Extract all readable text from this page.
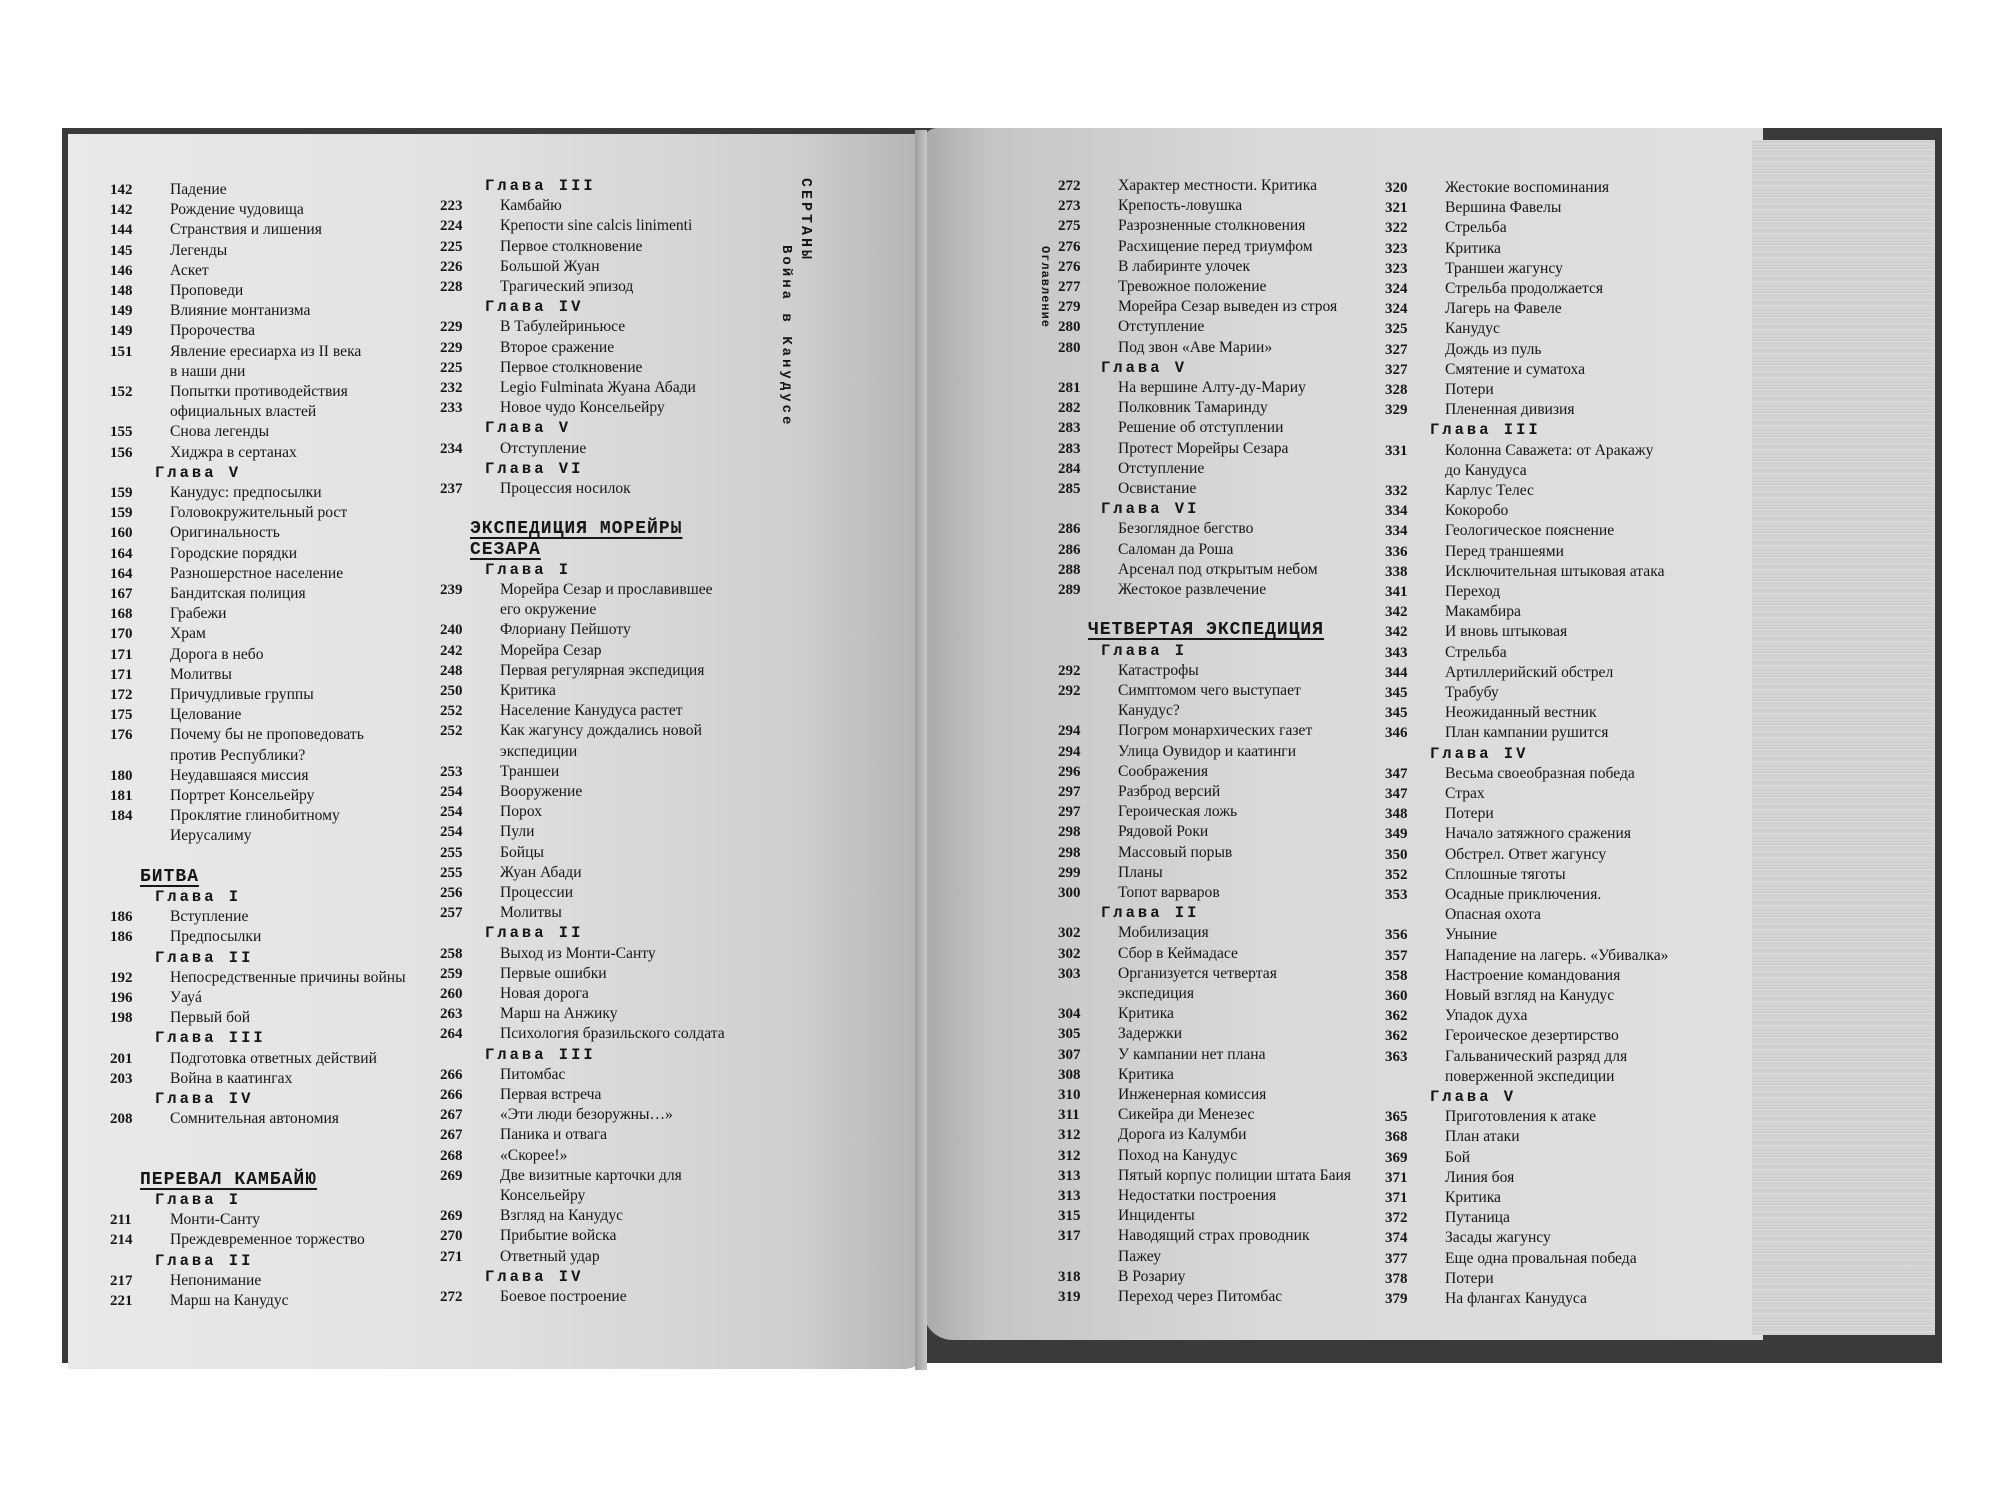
СЕРТАНЫ
Война в Канудусе	Оглавление
142 Падение
142 Рождение чудовища
144 Странствия и лишения
145 Легенды
146 Аскет
148 Проповеди
149 Влияние монтанизма
149 Пророчества
151 Явление ересиарха из II века
в наши дни
152 Попытки противодействия
официальных властей
155 Снова легенды
156 Хиджра в сертанах
Глава V
159 Канудус: предпосылки
159 Головокружительный рост
160 Оригинальность
164 Городские порядки
164 Разношерстное население
167 Бандитская полиция
168 Грабежи
170 Храм
171 Дорога в небо
171 Молитвы
172 Причудливые группы
175 Целование
176 Почему бы не проповедовать
против Республики?
180 Неудавшаяся миссия
181 Портрет Консельейру
184 Проклятие глинобитному
Иерусалиму
БИТВА
Глава I
186 Вступление
186 Предпосылки
Глава II
192 Непосредственные причины войны
196 Уауá
198 Первый бой
Глава III
201 Подготовка ответных действий
203 Война в каатингах
Глава IV
208 Сомнительная автономия
ПЕРЕВАЛ КАМБАЙЮ
Глава I
211 Монти-Санту
214 Преждевременное торжество
Глава II
217 Непонимание
221 Марш на Канудус
Глава III
223 Камбайю
224 Крепости sine calcis linimenti
225 Первое столкновение
226 Большой Жуан
228 Трагический эпизод
Глава IV
229 В Табулейриньюсе
229 Второе сражение
225 Первое столкновение
232 Legio Fulminata Жуана Абади
233 Новое чудо Консельейру
Глава V
234 Отступление
Глава VI
237 Процессия носилок
ЭКСПЕДИЦИЯ МОРЕЙРЫ
СЕЗАРА
Глава I
239 Морейра Сезар и прославившее
его окружение
240 Флориану Пейшоту
242 Морейра Сезар
248 Первая регулярная экспедиция
250 Критика
252 Население Канудуса растет
252 Как жагунсу дождались новой
экспедиции
253 Траншеи
254 Вооружение
254 Порох
254 Пули
255 Бойцы
255 Жуан Абади
256 Процессии
257 Молитвы
Глава II
258 Выход из Монти-Санту
259 Первые ошибки
260 Новая дорога
263 Марш на Анжику
264 Психология бразильского солдата
Глава III
266 Питомбас
266 Первая встреча
267 «Эти люди безоружны…»
267 Паника и отвага
268 «Скорее!»
269 Две визитные карточки для
Консельейру
269 Взгляд на Канудус
270 Прибытие войска
271 Ответный удар
Глава IV
272 Боевое построение
272 Характер местности. Критика
273 Крепость-ловушка
275 Разрозненные столкновения
276 Расхищение перед триумфом
276 В лабиринте улочек
277 Тревожное положение
279 Морейра Сезар выведен из строя
280 Отступление
280 Под звон «Аве Марии»
Глава V
281 На вершине Алту-ду-Мариу
282 Полковник Тамаринду
283 Решение об отступлении
283 Протест Морейры Сезара
284 Отступление
285 Освистание
Глава VI
286 Безоглядное бегство
286 Саломан да Роша
288 Арсенал под открытым небом
289 Жестокое развлечение
ЧЕТВЕРТАЯ ЭКСПЕДИЦИЯ
Глава I
292 Катастрофы
292 Симптомом чего выступает
Канудус?
294 Погром монархических газет
294 Улица Оувидор и каатинги
296 Соображения
297 Разброд версий
297 Героическая ложь
298 Рядовой Роки
298 Массовый порыв
299 Планы
300 Топот варваров
Глава II
302 Мобилизация
302 Сбор в Кеймадасе
303 Организуется четвертая
экспедиция
304 Критика
305 Задержки
307 У кампании нет плана
308 Критика
310 Инженерная комиссия
311 Сикейра ди Менезес
312 Дорога из Калумби
312 Поход на Канудус
313 Пятый корпус полиции штата Баия
313 Недостатки построения
315 Инциденты
317 Наводящий страх проводник
Пажеу
318 В Розариу
319 Переход через Питомбас
320 Жестокие воспоминания
321 Вершина Фавелы
322 Стрельба
323 Критика
323 Траншеи жагунсу
324 Стрельба продолжается
324 Лагерь на Фавеле
325 Канудус
327 Дождь из пуль
327 Смятение и суматоха
328 Потери
329 Плененная дивизия
Глава III
331 Колонна Саважета: от Аракажу
до Канудуса
332 Карлус Телес
334 Кокоробо
334 Геологическое пояснение
336 Перед траншеями
338 Исключительная штыковая атака
341 Переход
342 Макамбира
342 И вновь штыковая
343 Стрельба
344 Артиллерийский обстрел
345 Трабубу
345 Неожиданный вестник
346 План кампании рушится
Глава IV
347 Весьма своеобразная победа
347 Страх
348 Потери
349 Начало затяжного сражения
350 Обстрел. Ответ жагунсу
352 Сплошные тяготы
353 Осадные приключения.
Опасная охота
356 Уныние
357 Нападение на лагерь. «Убивалка»
358 Настроение командования
360 Новый взгляд на Канудус
362 Упадок духа
362 Героическое дезертирство
363 Гальванический разряд для
поверженной экспедиции
Глава V
365 Приготовления к атаке
368 План атаки
369 Бой
371 Линия боя
371 Критика
372 Путаница
374 Засады жагунсу
377 Еще одна провальная победа
378 Потери
379 На флангах Канудуса
